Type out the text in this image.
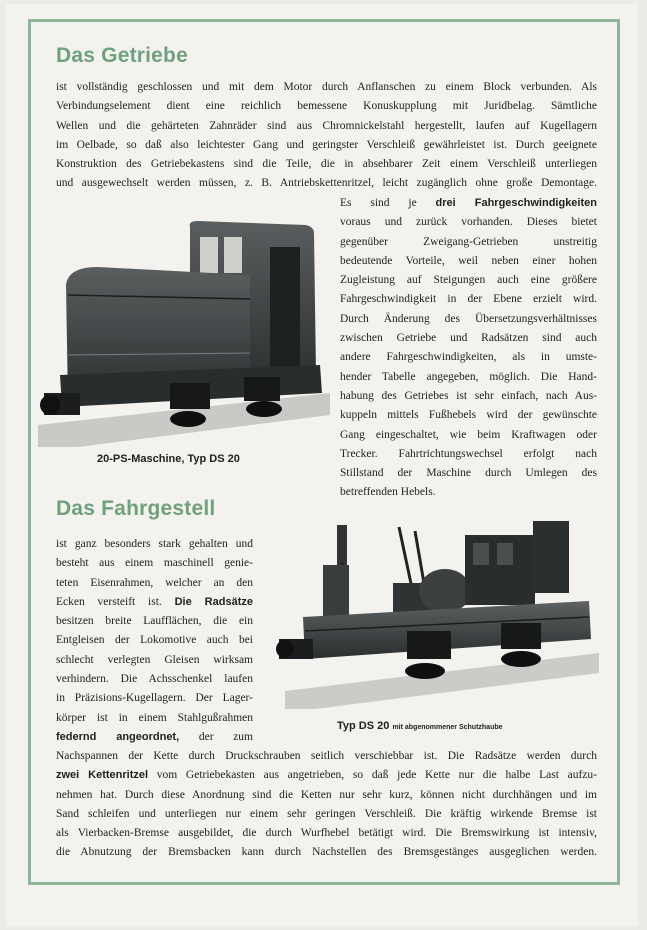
Das Getriebe
ist vollständig geschlossen und mit dem Motor durch Anflanschen zu einem Block verbunden. Als
Verbindungselement dient eine reichlich bemessene Konuskupplung mit Juridbelag. Sämtliche
Wellen und die gehärteten Zahnräder sind aus Chromnickelstahl hergestellt, laufen auf Kugellagern
im Oelbade, so daß also leichtester Gang und geringster Verschleiß gewährleistet ist. Durch geeignete
Konstruktion des Getriebekastens sind die Teile, die in absehbarer Zeit einem Verschleiß unterliegen
und ausgewechselt werden müssen, z. B. Antriebskettenritzel, leicht zugänglich ohne große Demontage.
Es sind je drei Fahrgeschwindigkeiten
voraus und zurück vorhanden. Dieses bietet
gegenüber Zweigang-Getrieben unstreitig
bedeutende Vorteile, weil neben einer hohen
Zugleistung auf Steigungen auch eine größere
Fahrgeschwindigkeit in der Ebene erzielt wird.
Durch Änderung des Übersetzungsverhältnisses
zwischen Getriebe und Radsätzen sind auch
andere Fahrgeschwindigkeiten, als in umste-
hender Tabelle angegeben, möglich. Die Hand-
habung des Getriebes ist sehr einfach, nach Aus-
kuppeln mittels Fußhebels wird der gewünschte
Gang eingeschaltet, wie beim Kraftwagen oder
Trecker. Fahrtrichtungswechsel erfolgt nach
Stillstand der Maschine durch Umlegen des
betreffenden Hebels.

20-PS-Maschine, Typ DS 20

Das Fahrgestell
ist ganz besonders stark gehalten und
besteht aus einem maschinell genie-
teten Eisenrahmen, welcher an den
Ecken versteift ist. Die Radsätze
besitzen breite Laufflächen, die ein
Entgleisen der Lokomotive auch bei
schlecht verlegten Gleisen wirksam
verhindern. Die Achsschenkel laufen
in Präzisions-Kugellagern. Der Lager-
körper ist in einem Stahlgußrahmen
federnd angeordnet, der zum
Nachspannen der Kette durch Druckschrauben seitlich verschiebbar ist. Die Radsätze werden durch
zwei Kettenritzel vom Getriebekasten aus angetrieben, so daß jede Kette nur die halbe Last aufzu-
nehmen hat. Durch diese Anordnung sind die Ketten nur sehr kurz, können nicht durchhängen und im
Sand schleifen und unterliegen nur einem sehr geringen Verschleiß. Die kräftig wirkende Bremse ist
als Vierbacken-Bremse ausgebildet, die durch Wurfhebel betätigt wird. Die Bremswirkung ist intensiv,
die Abnutzung der Bremsbacken kann durch Nachstellen des Bremsgestänges ausgeglichen werden.

Typ DS 20 mit abgenommener Schutzhaube
